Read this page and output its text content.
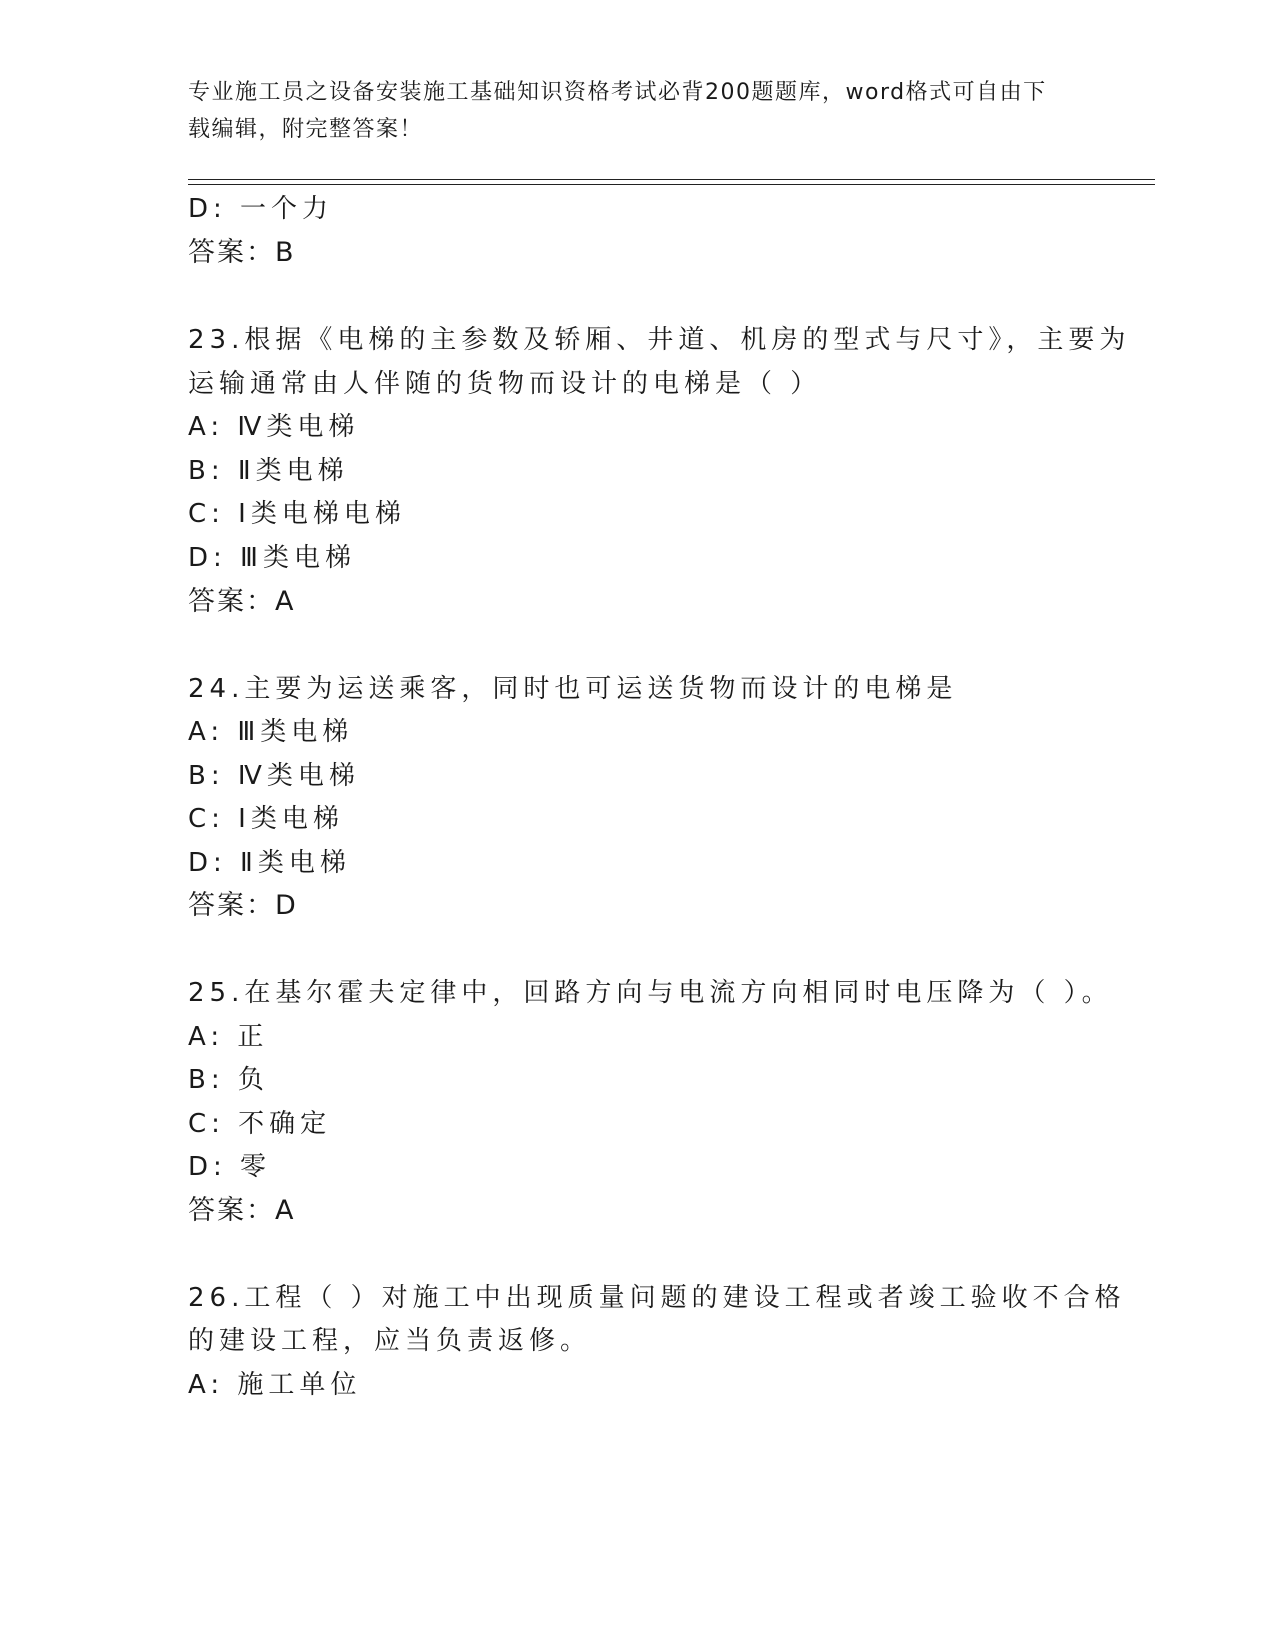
专业施工员之设备安装施工基础知识资格考试必背200题题库，word格式可自由下载编辑，附完整答案！
D: 一个力
答案：B
23.根据《电梯的主参数及轿厢、井道、机房的型式与尺寸》，主要为
运输通常由人伴随的货物而设计的电梯是（ ）
A: Ⅳ类电梯
B: Ⅱ类电梯
C: Ⅰ类电梯电梯
D: Ⅲ类电梯
答案：A
24.主要为运送乘客，同时也可运送货物而设计的电梯是
A: Ⅲ类电梯
B: Ⅳ类电梯
C: Ⅰ类电梯
D: Ⅱ类电梯
答案：D
25.在基尔霍夫定律中，回路方向与电流方向相同时电压降为（ ）。
A: 正
B: 负
C: 不确定
D: 零
答案：A
26.工程（ ）对施工中出现质量问题的建设工程或者竣工验收不合格
的建设工程，应当负责返修。
A: 施工单位
